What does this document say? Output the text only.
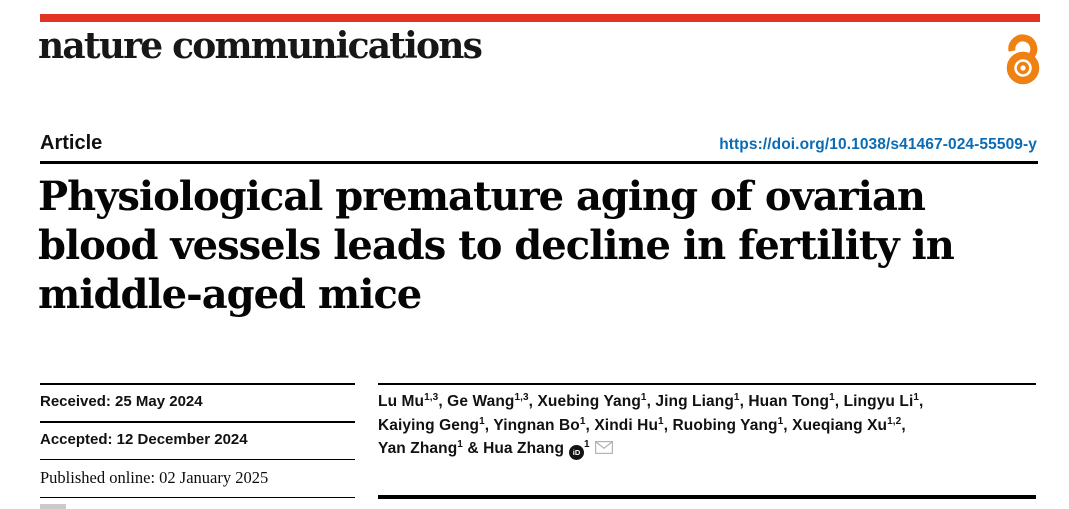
nature communications
Article	https://doi.org/10.1038/s41467-024-55509-y
Physiological premature aging of ovarian
blood vessels leads to decline in fertility in
middle-aged mice
Received: 25 May 2024
Accepted: 12 December 2024
Published online: 02 January 2025
Lu Mu$^{1,3}$, Ge Wang$^{1,3}$, Xuebing Yang$^1$, Jing Liang$^1$, Huan Tong$^1$, Lingyu Li$^1$,
Kaiying Geng$^1$, Yingnan Bo$^1$, Xindi Hu$^1$, Ruobing Yang$^1$, Xueqiang Xu$^{1,2}$,
Yan Zhang$^1$ & Hua Zhang $iD^1$
